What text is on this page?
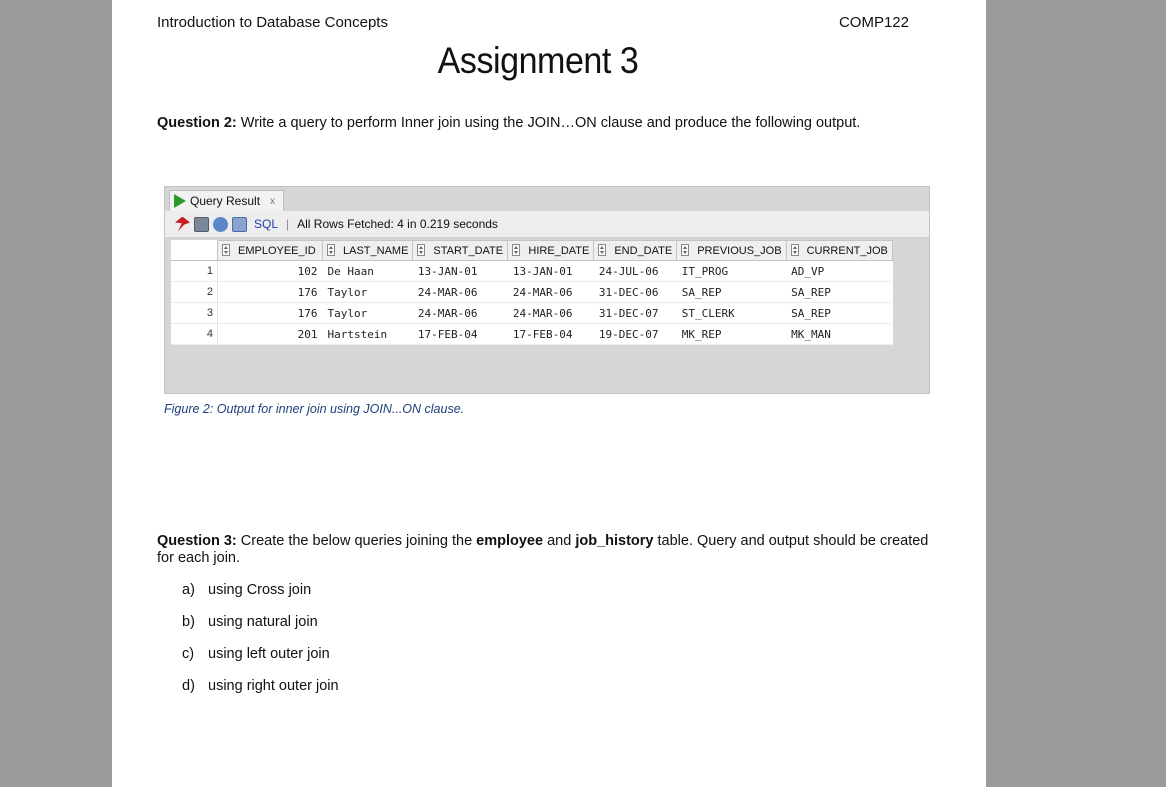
Introduction to Database Concepts	COMP122
Assignment 3
Question 2: Write a query to perform Inner join using the JOIN…ON clause and produce the following output.
Query Result x
SQL | All Rows Fetched: 4 in 0.219 seconds
	EMPLOYEE_ID	LAST_NAME	START_DATE	HIRE_DATE	END_DATE	PREVIOUS_JOB	CURRENT_JOB
1	102	De Haan	13-JAN-01	13-JAN-01	24-JUL-06	IT_PROG	AD_VP
2	176	Taylor	24-MAR-06	24-MAR-06	31-DEC-06	SA_REP	SA_REP
3	176	Taylor	24-MAR-06	24-MAR-06	31-DEC-07	ST_CLERK	SA_REP
4	201	Hartstein	17-FEB-04	17-FEB-04	19-DEC-07	MK_REP	MK_MAN
Figure 2: Output for inner join using JOIN...ON clause.
Question 3: Create the below queries joining the employee and job_history table. Query and output should be created for each join.
a) using Cross join
b) using natural join
c) using left outer join
d) using right outer join
